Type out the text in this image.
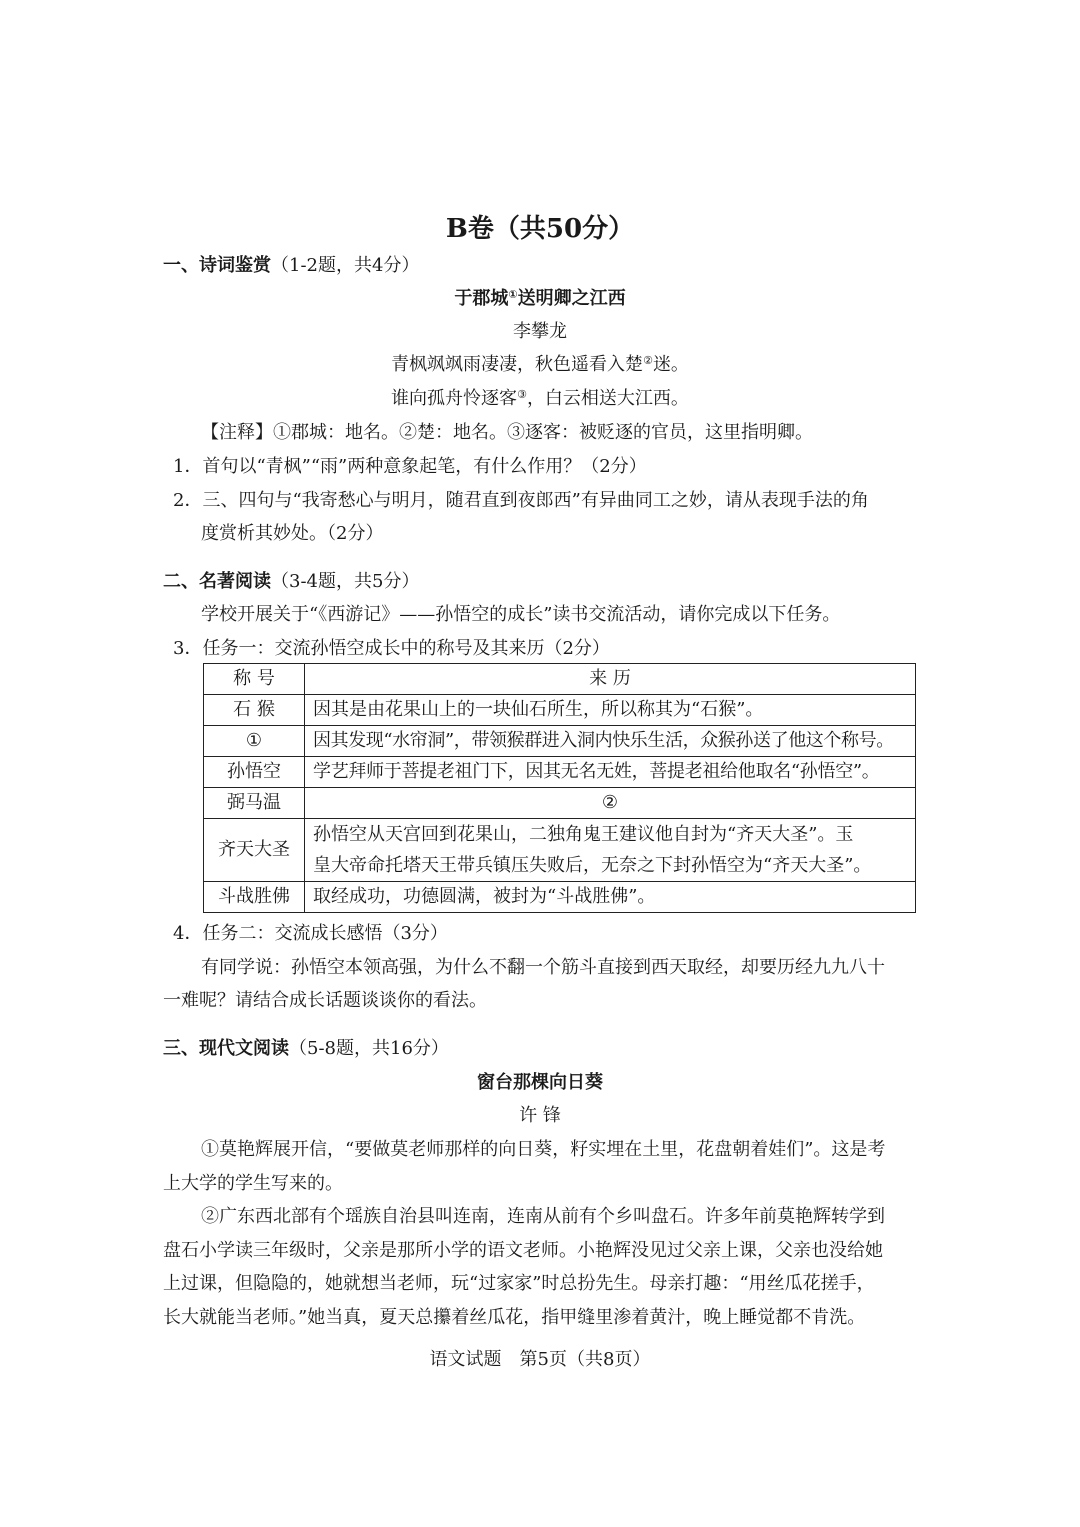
B卷（共50分）
一、诗词鉴赏（1-2题，共4分）
于郡城①送明卿之江西
李攀龙
青枫飒飒雨凄凄，秋色遥看入楚②迷。
谁向孤舟怜逐客③，白云相送大江西。
【注释】①郡城：地名。②楚：地名。③逐客：被贬逐的官员，这里指明卿。
1．首句以“青枫”“雨”两种意象起笔，有什么作用？（2分）
2．三、四句与“我寄愁心与明月，随君直到夜郎西”有异曲同工之妙，请从表现手法的角
度赏析其妙处。（2分）
二、名著阅读（3-4题，共5分）
学校开展关于“《西游记》——孙悟空的成长”读书交流活动，请你完成以下任务。
3．任务一：交流孙悟空成长中的称号及其来历（2分）
称 号	来 历
石 猴	因其是由花果山上的一块仙石所生，所以称其为“石猴”。
①	因其发现“水帘洞”，带领猴群进入洞内快乐生活，众猴孙送了他这个称号。
孙悟空	学艺拜师于菩提老祖门下，因其无名无姓，菩提老祖给他取名“孙悟空”。
弼马温	②
齐天大圣	孙悟空从天宫回到花果山，二独角鬼王建议他自封为“齐天大圣”。玉
皇大帝命托塔天王带兵镇压失败后，无奈之下封孙悟空为“齐天大圣”。

斗战胜佛	取经成功，功德圆满，被封为“斗战胜佛”。
4．任务二：交流成长感悟（3分）
有同学说：孙悟空本领高强，为什么不翻一个筋斗直接到西天取经，却要历经九九八十
一难呢？请结合成长话题谈谈你的看法。
三、现代文阅读（5-8题，共16分）
窗台那棵向日葵
许 锋
①莫艳辉展开信，“要做莫老师那样的向日葵，籽实埋在土里，花盘朝着娃们”。这是考
上大学的学生写来的。
②广东西北部有个瑶族自治县叫连南，连南从前有个乡叫盘石。许多年前莫艳辉转学到
盘石小学读三年级时，父亲是那所小学的语文老师。小艳辉没见过父亲上课，父亲也没给她
上过课，但隐隐的，她就想当老师，玩“过家家”时总扮先生。母亲打趣：“用丝瓜花搓手，
长大就能当老师。”她当真，夏天总攥着丝瓜花，指甲缝里渗着黄汁，晚上睡觉都不肯洗。
语文试题　第5页（共8页）
